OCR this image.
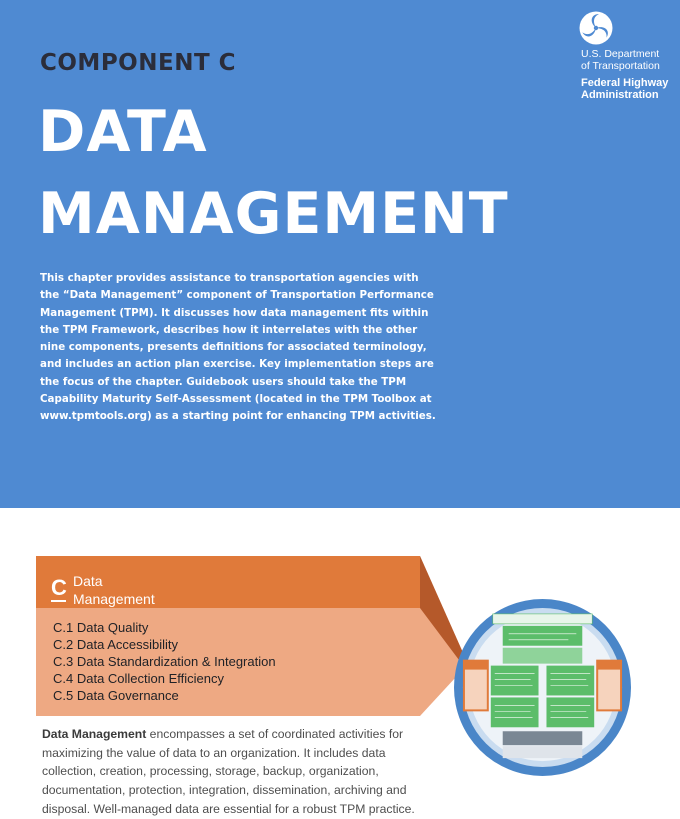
COMPONENT C
DATA
MANAGEMENT

This chapter provides assistance to transportation agencies with the “Data Management” component of Transportation Performance Management (TPM). It discusses how data management fits within the TPM Framework, describes how it interrelates with the other nine components, presents definitions for associated terminology, and includes an action plan exercise. Key implementation steps are the focus of the chapter. Guidebook users should take the TPM Capability Maturity Self-Assessment (located in the TPM Toolbox at www.tpmtools.org) as a starting point for enhancing TPM activities.

U.S. Department
of Transportation
Federal Highway
Administration
C Data
Management
C.1 Data Quality
C.2 Data Accessibility
C.3 Data Standardization & Integration
C.4 Data Collection Efficiency
C.5 Data Governance

Data Management encompasses a set of coordinated activities for maximizing the value of data to an organization. It includes data collection, creation, processing, storage, backup, organization, documentation, protection, integration, dissemination, archiving and disposal. Well-managed data are essential for a robust TPM practice.
